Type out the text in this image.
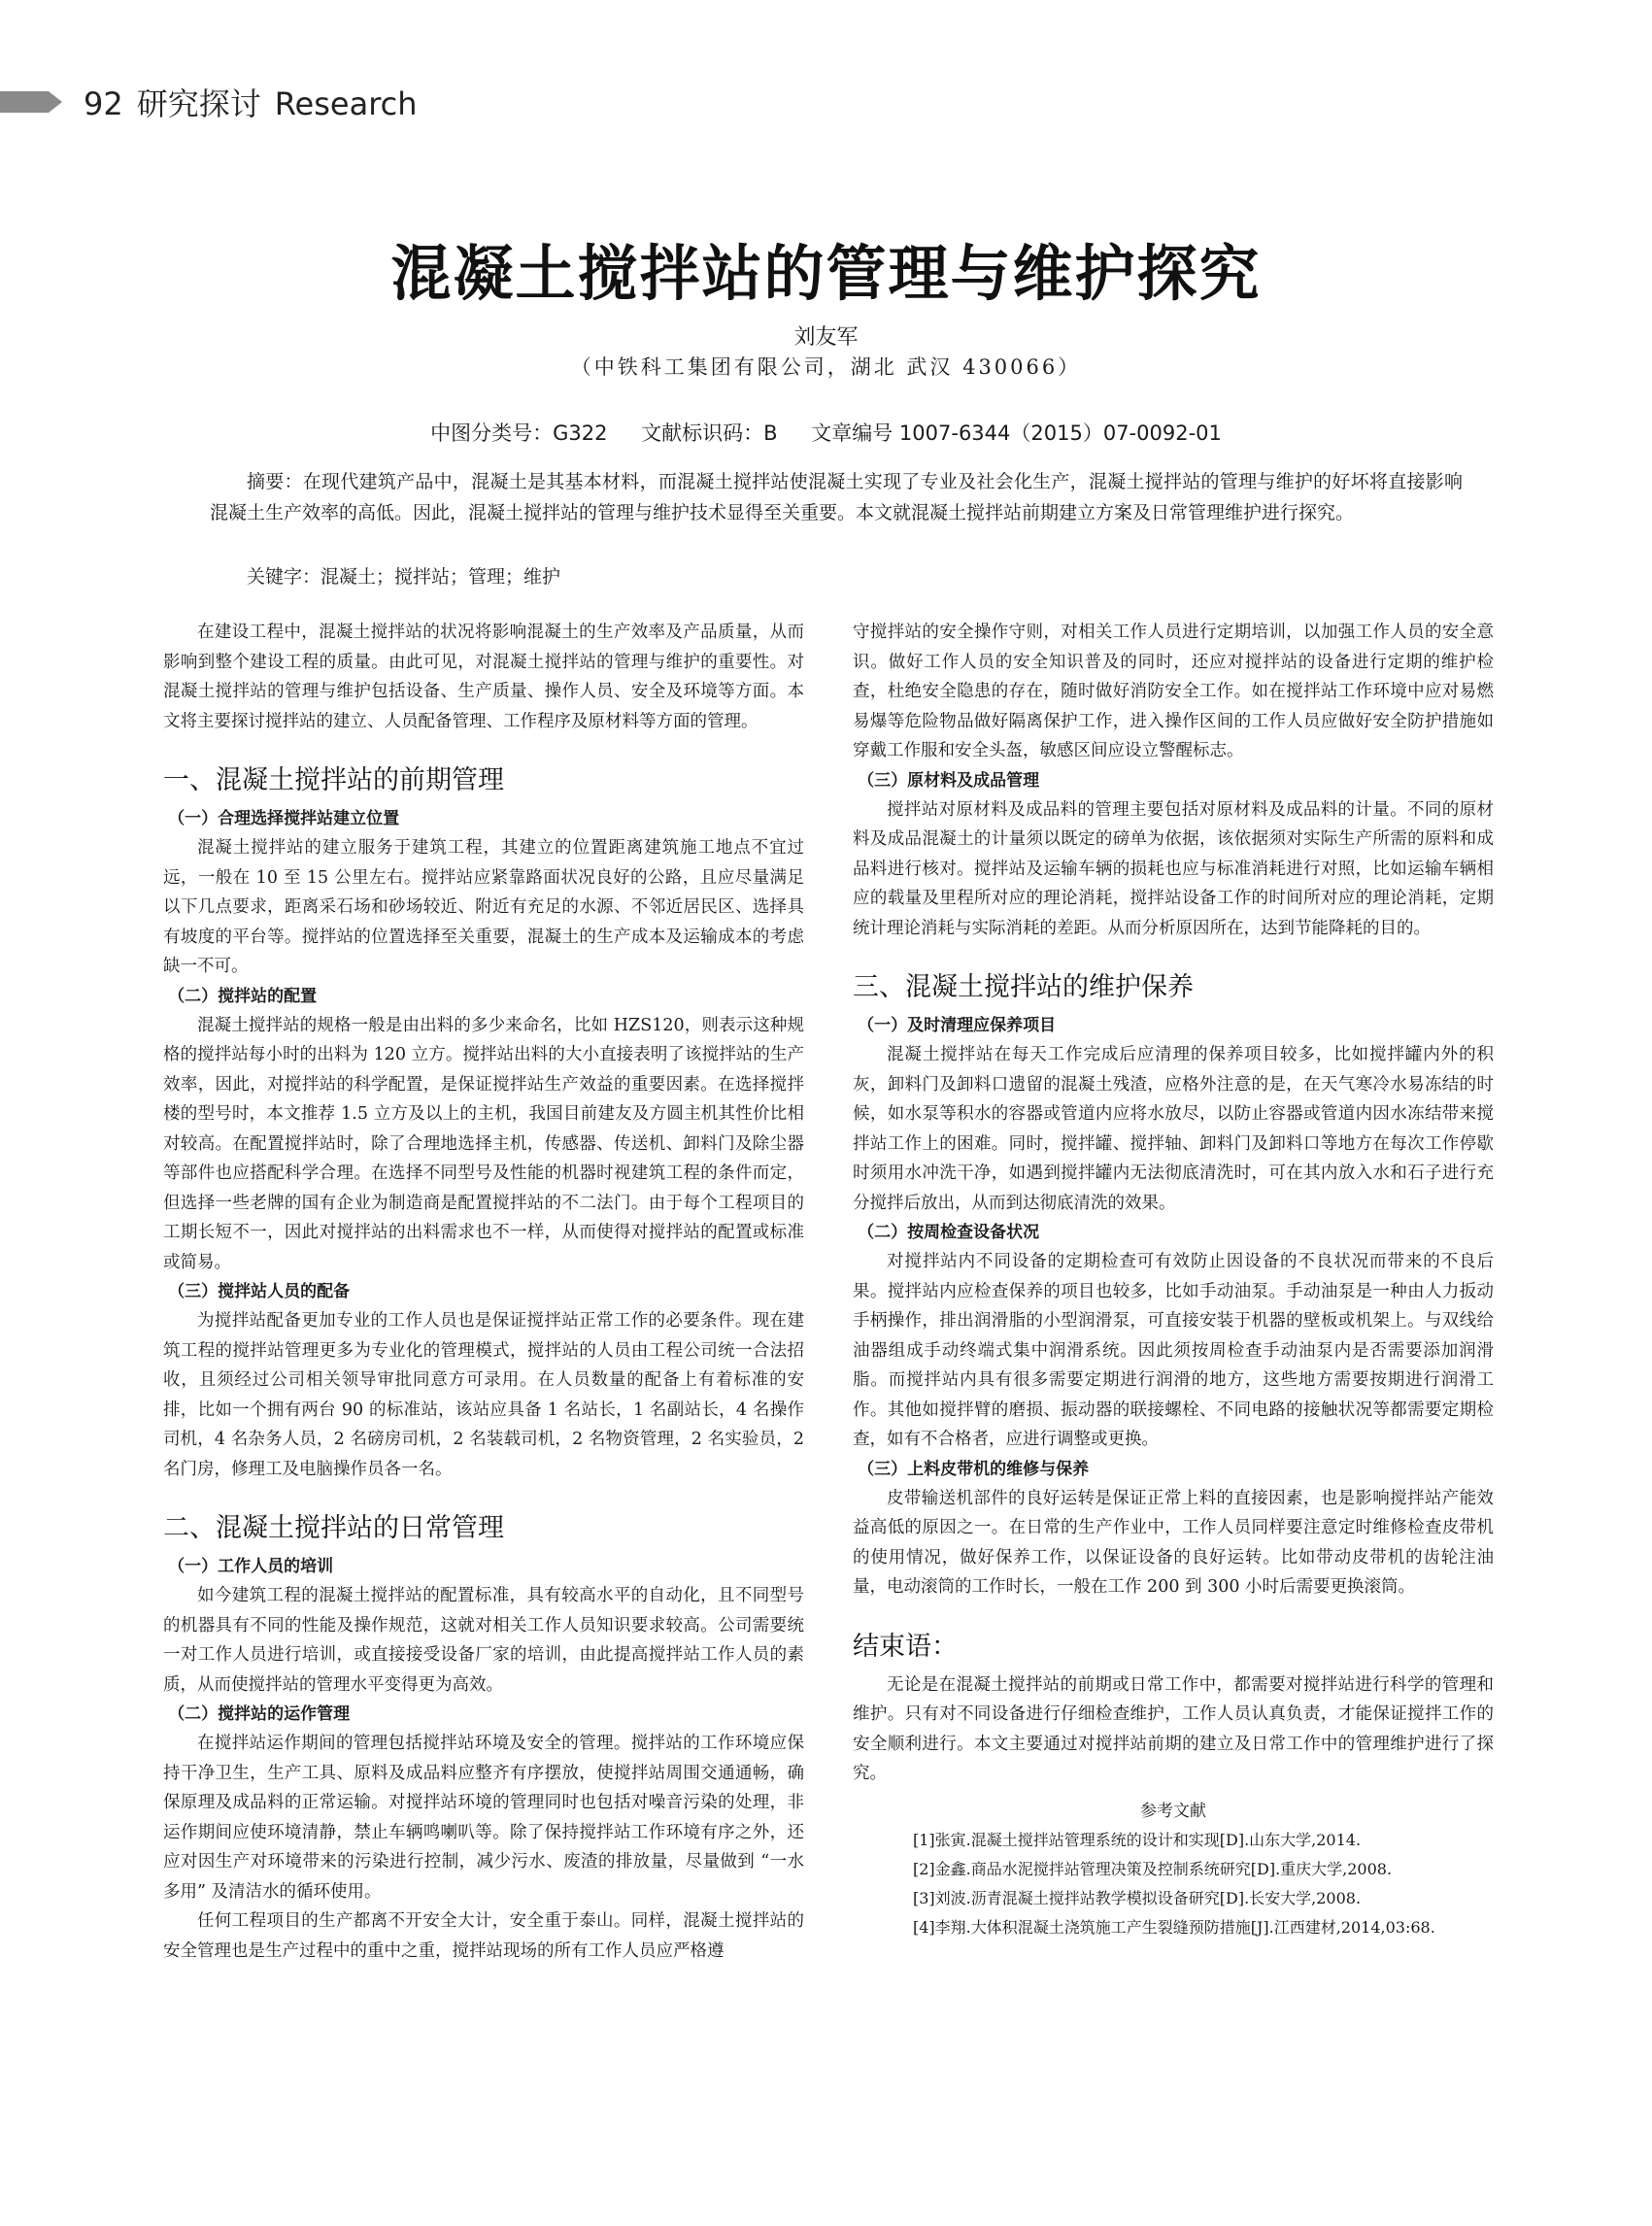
92 研究探讨 Research
混凝土搅拌站的管理与维护探究
刘友军
（中铁科工集团有限公司，湖北 武汉 430066）
中图分类号：G322 文献标识码：B 文章编号 1007-6344（2015）07-0092-01
摘要：在现代建筑产品中，混凝土是其基本材料，而混凝土搅拌站使混凝土实现了专业及社会化生产，混凝土搅拌站的管理与维护的好坏将直接影响混凝土生产效率的高低。因此，混凝土搅拌站的管理与维护技术显得至关重要。本文就混凝土搅拌站前期建立方案及日常管理维护进行探究。
关键字：混凝土；搅拌站；管理；维护

在建设工程中，混凝土搅拌站的状况将影响混凝土的生产效率及产品质量，从而影响到整个建设工程的质量。由此可见，对混凝土搅拌站的管理与维护的重要性。对混凝土搅拌站的管理与维护包括设备、生产质量、操作人员、安全及环境等方面。本文将主要探讨搅拌站的建立、人员配备管理、工作程序及原材料等方面的管理。

一、混凝土搅拌站的前期管理
（一）合理选择搅拌站建立位置

混凝土搅拌站的建立服务于建筑工程，其建立的位置距离建筑施工地点不宜过远，一般在 10 至 15 公里左右。搅拌站应紧靠路面状况良好的公路，且应尽量满足以下几点要求，距离采石场和砂场较近、附近有充足的水源、不邻近居民区、选择具有坡度的平台等。搅拌站的位置选择至关重要，混凝土的生产成本及运输成本的考虑缺一不可。

（二）搅拌站的配置

混凝土搅拌站的规格一般是由出料的多少来命名，比如 HZS120，则表示这种规格的搅拌站每小时的出料为 120 立方。搅拌站出料的大小直接表明了该搅拌站的生产效率，因此，对搅拌站的科学配置，是保证搅拌站生产效益的重要因素。在选择搅拌楼的型号时，本文推荐 1.5 立方及以上的主机，我国目前建友及方圆主机其性价比相对较高。在配置搅拌站时，除了合理地选择主机，传感器、传送机、卸料门及除尘器等部件也应搭配科学合理。在选择不同型号及性能的机器时视建筑工程的条件而定，但选择一些老牌的国有企业为制造商是配置搅拌站的不二法门。由于每个工程项目的工期长短不一，因此对搅拌站的出料需求也不一样，从而使得对搅拌站的配置或标准或简易。

（三）搅拌站人员的配备

为搅拌站配备更加专业的工作人员也是保证搅拌站正常工作的必要条件。现在建筑工程的搅拌站管理更多为专业化的管理模式，搅拌站的人员由工程公司统一合法招收，且须经过公司相关领导审批同意方可录用。在人员数量的配备上有着标准的安排，比如一个拥有两台 90 的标准站，该站应具备 1 名站长，1 名副站长，4 名操作司机，4 名杂务人员，2 名磅房司机，2 名装载司机，2 名物资管理，2 名实验员，2 名门房，修理工及电脑操作员各一名。

二、混凝土搅拌站的日常管理
（一）工作人员的培训

如今建筑工程的混凝土搅拌站的配置标准，具有较高水平的自动化，且不同型号的机器具有不同的性能及操作规范，这就对相关工作人员知识要求较高。公司需要统一对工作人员进行培训，或直接接受设备厂家的培训，由此提高搅拌站工作人员的素质，从而使搅拌站的管理水平变得更为高效。

（二）搅拌站的运作管理

在搅拌站运作期间的管理包括搅拌站环境及安全的管理。搅拌站的工作环境应保持干净卫生，生产工具、原料及成品料应整齐有序摆放，使搅拌站周围交通通畅，确保原理及成品料的正常运输。对搅拌站环境的管理同时也包括对噪音污染的处理，非运作期间应使环境清静，禁止车辆鸣喇叭等。除了保持搅拌站工作环境有序之外，还应对因生产对环境带来的污染进行控制，减少污水、废渣的排放量，尽量做到 “一水多用” 及清洁水的循环使用。

任何工程项目的生产都离不开安全大计，安全重于泰山。同样，混凝土搅拌站的安全管理也是生产过程中的重中之重，搅拌站现场的所有工作人员应严格遵

守搅拌站的安全操作守则，对相关工作人员进行定期培训，以加强工作人员的安全意识。做好工作人员的安全知识普及的同时，还应对搅拌站的设备进行定期的维护检查，杜绝安全隐患的存在，随时做好消防安全工作。如在搅拌站工作环境中应对易燃易爆等危险物品做好隔离保护工作，进入操作区间的工作人员应做好安全防护措施如穿戴工作服和安全头盔，敏感区间应设立警醒标志。

（三）原材料及成品管理

搅拌站对原材料及成品料的管理主要包括对原材料及成品料的计量。不同的原材料及成品混凝土的计量须以既定的磅单为依据，该依据须对实际生产所需的原料和成品料进行核对。搅拌站及运输车辆的损耗也应与标准消耗进行对照，比如运输车辆相应的载量及里程所对应的理论消耗，搅拌站设备工作的时间所对应的理论消耗，定期统计理论消耗与实际消耗的差距。从而分析原因所在，达到节能降耗的目的。

三、混凝土搅拌站的维护保养
（一）及时清理应保养项目

混凝土搅拌站在每天工作完成后应清理的保养项目较多，比如搅拌罐内外的积灰，卸料门及卸料口遗留的混凝土残渣，应格外注意的是，在天气寒冷水易冻结的时候，如水泵等积水的容器或管道内应将水放尽，以防止容器或管道内因水冻结带来搅拌站工作上的困难。同时，搅拌罐、搅拌轴、卸料门及卸料口等地方在每次工作停歇时须用水冲洗干净，如遇到搅拌罐内无法彻底清洗时，可在其内放入水和石子进行充分搅拌后放出，从而到达彻底清洗的效果。

（二）按周检查设备状况

对搅拌站内不同设备的定期检查可有效防止因设备的不良状况而带来的不良后果。搅拌站内应检查保养的项目也较多，比如手动油泵。手动油泵是一种由人力扳动手柄操作，排出润滑脂的小型润滑泵，可直接安装于机器的壁板或机架上。与双线给油器组成手动终端式集中润滑系统。因此须按周检查手动油泵内是否需要添加润滑脂。而搅拌站内具有很多需要定期进行润滑的地方，这些地方需要按期进行润滑工作。其他如搅拌臂的磨损、振动器的联接螺栓、不同电路的接触状况等都需要定期检查，如有不合格者，应进行调整或更换。

（三）上料皮带机的维修与保养

皮带输送机部件的良好运转是保证正常上料的直接因素，也是影响搅拌站产能效益高低的原因之一。在日常的生产作业中，工作人员同样要注意定时维修检查皮带机的使用情况，做好保养工作，以保证设备的良好运转。比如带动皮带机的齿轮注油量，电动滚筒的工作时长，一般在工作 200 到 300 小时后需要更换滚筒。

结束语：

无论是在混凝土搅拌站的前期或日常工作中，都需要对搅拌站进行科学的管理和维护。只有对不同设备进行仔细检查维护，工作人员认真负责，才能保证搅拌工作的安全顺利进行。本文主要通过对搅拌站前期的建立及日常工作中的管理维护进行了探究。

参考文献

[1]张寅.混凝土搅拌站管理系统的设计和实现[D].山东大学,2014.

[2]金鑫.商品水泥搅拌站管理决策及控制系统研究[D].重庆大学,2008.

[3]刘波.沥青混凝土搅拌站教学模拟设备研究[D].长安大学,2008.

[4]李翔.大体积混凝土浇筑施工产生裂缝预防措施[J].江西建材,2014,03:68.
